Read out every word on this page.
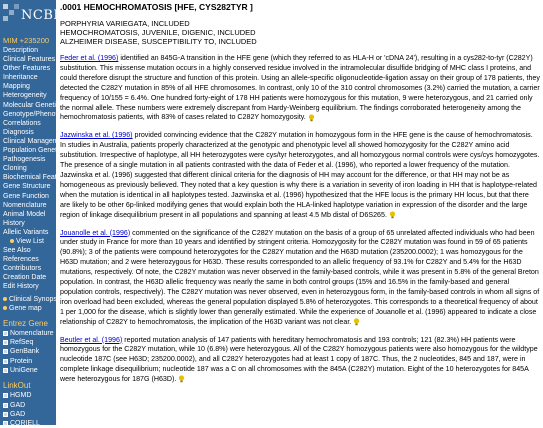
NCBI
MIM +235200
Description
Clinical Features
Other Features
Inheritance
Mapping
Heterogeneity
Molecular Genetics
Genotype/Phenotype
Correlations
Diagnosis
Clinical Management
Population Genetics
Pathogenesis
Cloning
Biochemical Features
Gene Structure
Gene Function
Nomenclature
Animal Model
History
Allelic Variants
View List
See Also
References
Contributors
Creation Date
Edit History
Clinical Synopsis
Gene map
Entrez Gene
Nomenclature
RefSeq
GenBank
Protein
UniGene
LinkOut
HGMD
GAD
GAD
CORIELL
.0001 HEMOCHROMATOSIS [HFE, CYS282TYR ]
PORPHYRIA VARIEGATA, INCLUDED
HEMOCHROMATOSIS, JUVENILE, DIGENIC, INCLUDED
ALZHEIMER DISEASE, SUSCEPTIBILITY TO, INCLUDED

Feder et al. (1996) identified an 845G-A transition in the HFE gene (which they referred to as HLA-H or 'cDNA 24'), resulting in a cys282-to-tyr (C282Y) substitution. This missense mutation occurs in a highly conserved residue involved in the intramolecular disulfide bridging of MHC class I proteins, and could therefore disrupt the structure and function of this protein. Using an allele-specific oligonucleotide-ligation assay on their group of 178 patients, they detected the C282Y mutation in 85% of all HFE chromosomes. In contrast, only 10 of the 310 control chromosomes (3.2%) carried the mutation, a carrier frequency of 10/155 = 6.4%. One hundred forty-eight of 178 HH patients were homozygous for this mutation, 9 were heterozygous, and 21 carried only the normal allele. These numbers were extremely discrepant from Hardy-Weinberg equilibrium. The findings corroborated heterogeneity among the hemochromatosis patients, with 83% of cases related to C282Y homozygosity.

Jazwinska et al. (1996) provided convincing evidence that the C282Y mutation in homozygous form in the HFE gene is the cause of hemochromatosis. In studies in Australia, patients properly characterized at the genotypic and phenotypic level all showed homozygosity for the C282Y amino acid substitution. Irrespective of haplotype, all HH heterozygotes were cys/tyr heterozygotes, and all homozygous normal controls were cys/cys homozygotes. The presence of a single mutation in all patients contrasted with the data of Feder et al. (1996), who reported a lower frequency of the mutation. Jazwinska et al. (1996) suggested that different clinical criteria for the diagnosis of HH may account for the difference, or that HH may not be as homogeneous as previously believed. They noted that a key question is why there is a variation in severity of iron loading in HH that is haplotype-related when the mutation is identical in all haplotypes tested. Jazwinska et al. (1996) hypothesized that the HFE locus is the primary HH locus, but that there are likely to be other 6p-linked modifying genes that would explain both the HLA-linked haplotype variation in expression of the disorder and the large region of linkage disequilibrium present in all populations and spanning at least 4.5 Mb distal of D6S265.

Jouanolle et al. (1996) commented on the significance of the C282Y mutation on the basis of a group of 65 unrelated affected individuals who had been under study in France for more than 10 years and identified by stringent criteria. Homozygosity for the C282Y mutation was found in 59 of 65 patients (90.8%); 3 of the patients were compound heterozygotes for the C282Y mutation and the H63D mutation (235200.0002); 1 was homozygous for the H63D mutation; and 2 were heterozygous for H63D. These results corresponded to an allelic frequency of 93.1% for C282Y and 5.4% for the H63D mutations, respectively. Of note, the C282Y mutation was never observed in the family-based controls, while it was present in 5.8% of the general Breton population. In contrast, the H63D allelic frequency was nearly the same in both control groups (15% and 16.5% in the family-based and general population controls, respectively). The C282Y mutation was never observed, even in heterozygous form, in the family-based controls in whom all signs of iron overload had been excluded, whereas the general population displayed 5.8% of heterozygotes. This corresponds to a theoretical frequency of about 1 per 1,000 for the disease, which is slightly lower than generally estimated. While the experience of Jouanolle et al. (1996) appeared to indicate a close relationship of C282Y to hemochromatosis, the implication of the H63D variant was not clear.

Beutler et al. (1996) reported mutation analysis of 147 patients with hereditary hemochromatosis and 193 controls; 121 (82.3%) HH patients were homozygous for the C282Y mutation, while 10 (6.8%) were heterozygous. All of the C282Y homozygous patients were also homozygous for the wildtype nucleotide 187C (see H63D; 235200.0002), and all C282Y heterozygotes had at least 1 copy of 187C. Thus, the 2 nucleotides, 845 and 187, were in complete linkage disequilibrium; nucleotide 187 was a C on all chromosomes with the 845A (C282Y) mutation. Eight of the 10 heterozygotes for 845A were heterozygous for 187G (H63D).
